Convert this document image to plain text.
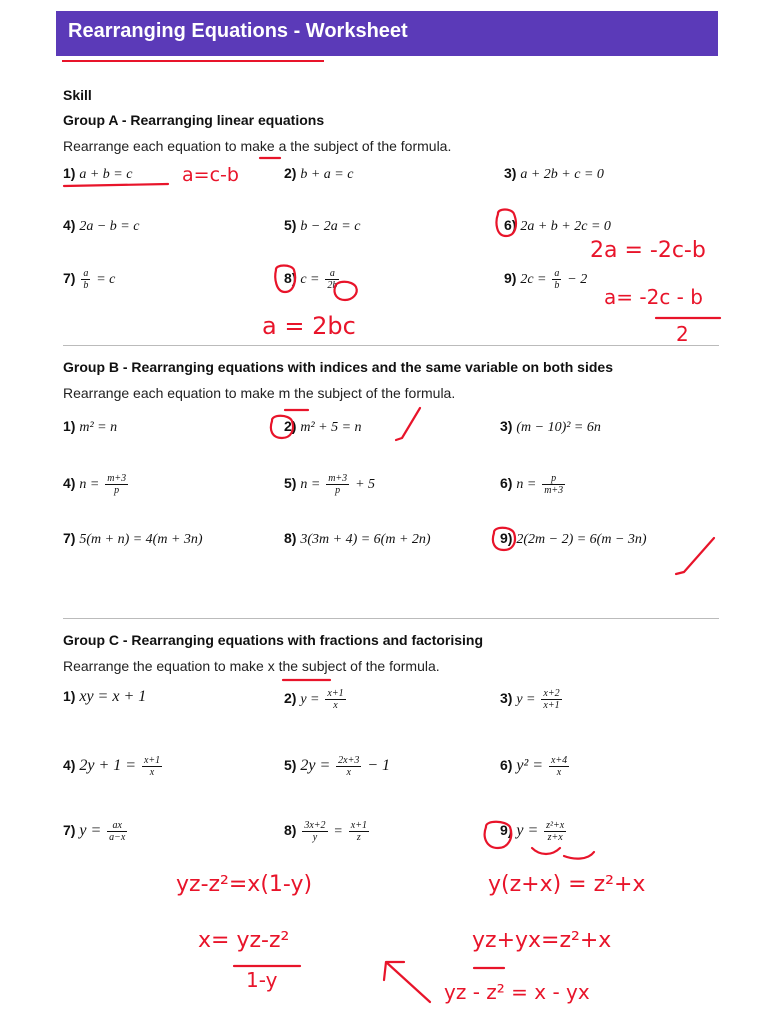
Rearranging Equations - Worksheet
Skill
Group A - Rearranging linear equations
Rearrange each equation to make a the subject of the formula.
1) a + b = c	2) b + a = c	3) a + 2b + c = 0
4) 2a − b = c	5) b − 2a = c	6) 2a + b + 2c = 0
$7) \frac{a}{b} = c$	8) $c = \frac{a}{2b}$	9) $2c = \frac{a}{b} - 2$
Group B - Rearranging equations with indices and the same variable on both sides
Rearrange each equation to make m the subject of the formula.
1) m² = n	2) m² + 5 = n	3) (m − 10)² = 6n
4) $n = \frac{m+3}{p}$	5) $n = \frac{m+3}{p} + 5$	6) $n = \frac{p}{m+3}$
7) 5(m + n) = 4(m + 3n)	8) 3(3m + 4) = 6(m + 2n)	9) 2(2m − 2) = 6(m − 3n)
Group C - Rearranging equations with fractions and factorising
Rearrange the equation to make x the subject of the formula.
1) xy = x + 1	2) $y = \frac{x+1}{x}$	3) $y = \frac{x+2}{x+1}$
4) $2y + 1 = \frac{x+1}{x}$	5) $2y = \frac{2x+3}{x} - 1$	6) $y^2 = \frac{x+4}{x}$
7) $y = \frac{ax}{a-x}$	$8) \frac{3x+2}{y} = \frac{x+1}{z}$	9) $y = \frac{\text{z²+x}}{z+x}$
a=c-b
2a = -2c-b
a= -2c - b
2
a = 2bc
yz-z²=x(1-y)
x= yz-z²
1-y
y(z+x) = z²+x
yz+yx=z²+x
yz - z² = x - yx
